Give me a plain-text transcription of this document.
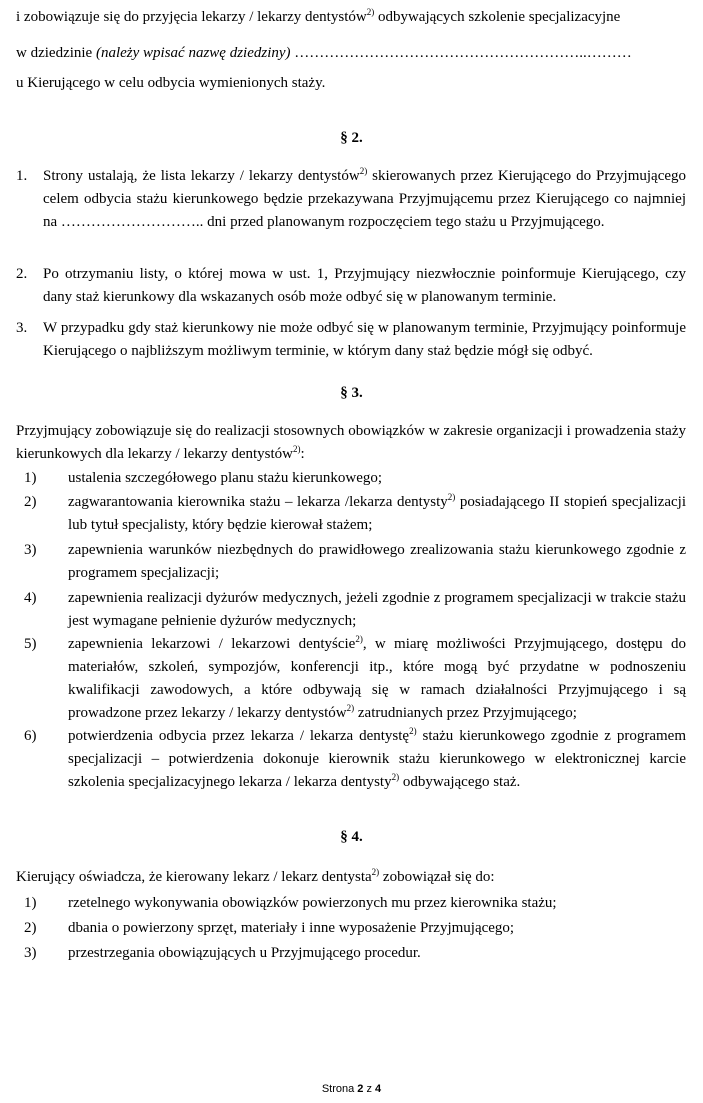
i zobowiązuje się do przyjęcia lekarzy / lekarzy dentystów$^{2)}$ odbywających szkolenie specjalizacyjne

w dziedzinie (należy wpisać nazwę dziedziny) …………………………………………………..………

u Kierującego w celu odbycia wymienionych staży.

§ 2.

1. Strony ustalają, że lista lekarzy / lekarzy dentystów$^{2)}$ skierowanych przez Kierującego do Przyjmującego celem odbycia stażu kierunkowego będzie przekazywana Przyjmującemu przez Kierującego co najmniej na ……………………….. dni przed planowanym rozpoczęciem tego stażu u Przyjmującego.
2. Po otrzymaniu listy, o której mowa w ust. 1, Przyjmujący niezwłocznie poinformuje Kierującego, czy dany staż kierunkowy dla wskazanych osób może odbyć się w planowanym terminie.
3. W przypadku gdy staż kierunkowy nie może odbyć się w planowanym terminie, Przyjmujący poinformuje Kierującego o najbliższym możliwym terminie, w którym dany staż będzie mógł się odbyć.

§ 3.

Przyjmujący zobowiązuje się do realizacji stosownych obowiązków w zakresie organizacji i prowadzenia staży kierunkowych dla lekarzy / lekarzy dentystów$^{2)}$:

1) ustalenia szczegółowego planu stażu kierunkowego;
2) zagwarantowania kierownika stażu – lekarza /lekarza dentysty$^{2)}$ posiadającego II stopień specjalizacji lub tytuł specjalisty, który będzie kierował stażem;
3) zapewnienia warunków niezbędnych do prawidłowego zrealizowania stażu kierunkowego zgodnie z programem specjalizacji;
4) zapewnienia realizacji dyżurów medycznych, jeżeli zgodnie z programem specjalizacji w trakcie stażu jest wymagane pełnienie dyżurów medycznych;
5) zapewnienia lekarzowi / lekarzowi dentyście$^{2)}$, w miarę możliwości Przyjmującego, dostępu do materiałów, szkoleń, sympozjów, konferencji itp., które mogą być przydatne w podnoszeniu kwalifikacji zawodowych, a które odbywają się w ramach działalności Przyjmującego i są prowadzone przez lekarzy / lekarzy dentystów$^{2)}$ zatrudnianych przez Przyjmującego;
6) potwierdzenia odbycia przez lekarza / lekarza dentystę$^{2)}$ stażu kierunkowego zgodnie z programem specjalizacji – potwierdzenia dokonuje kierownik stażu kierunkowego w elektronicznej karcie szkolenia specjalizacyjnego lekarza / lekarza dentysty$^{2)}$ odbywającego staż.

§ 4.

Kierujący oświadcza, że kierowany lekarz / lekarz dentysta$^{2)}$ zobowiązał się do:

1) rzetelnego wykonywania obowiązków powierzonych mu przez kierownika stażu;
2) dbania o powierzony sprzęt, materiały i inne wyposażenie Przyjmującego;
3) przestrzegania obowiązujących u Przyjmującego procedur.
Strona 2 z 4
